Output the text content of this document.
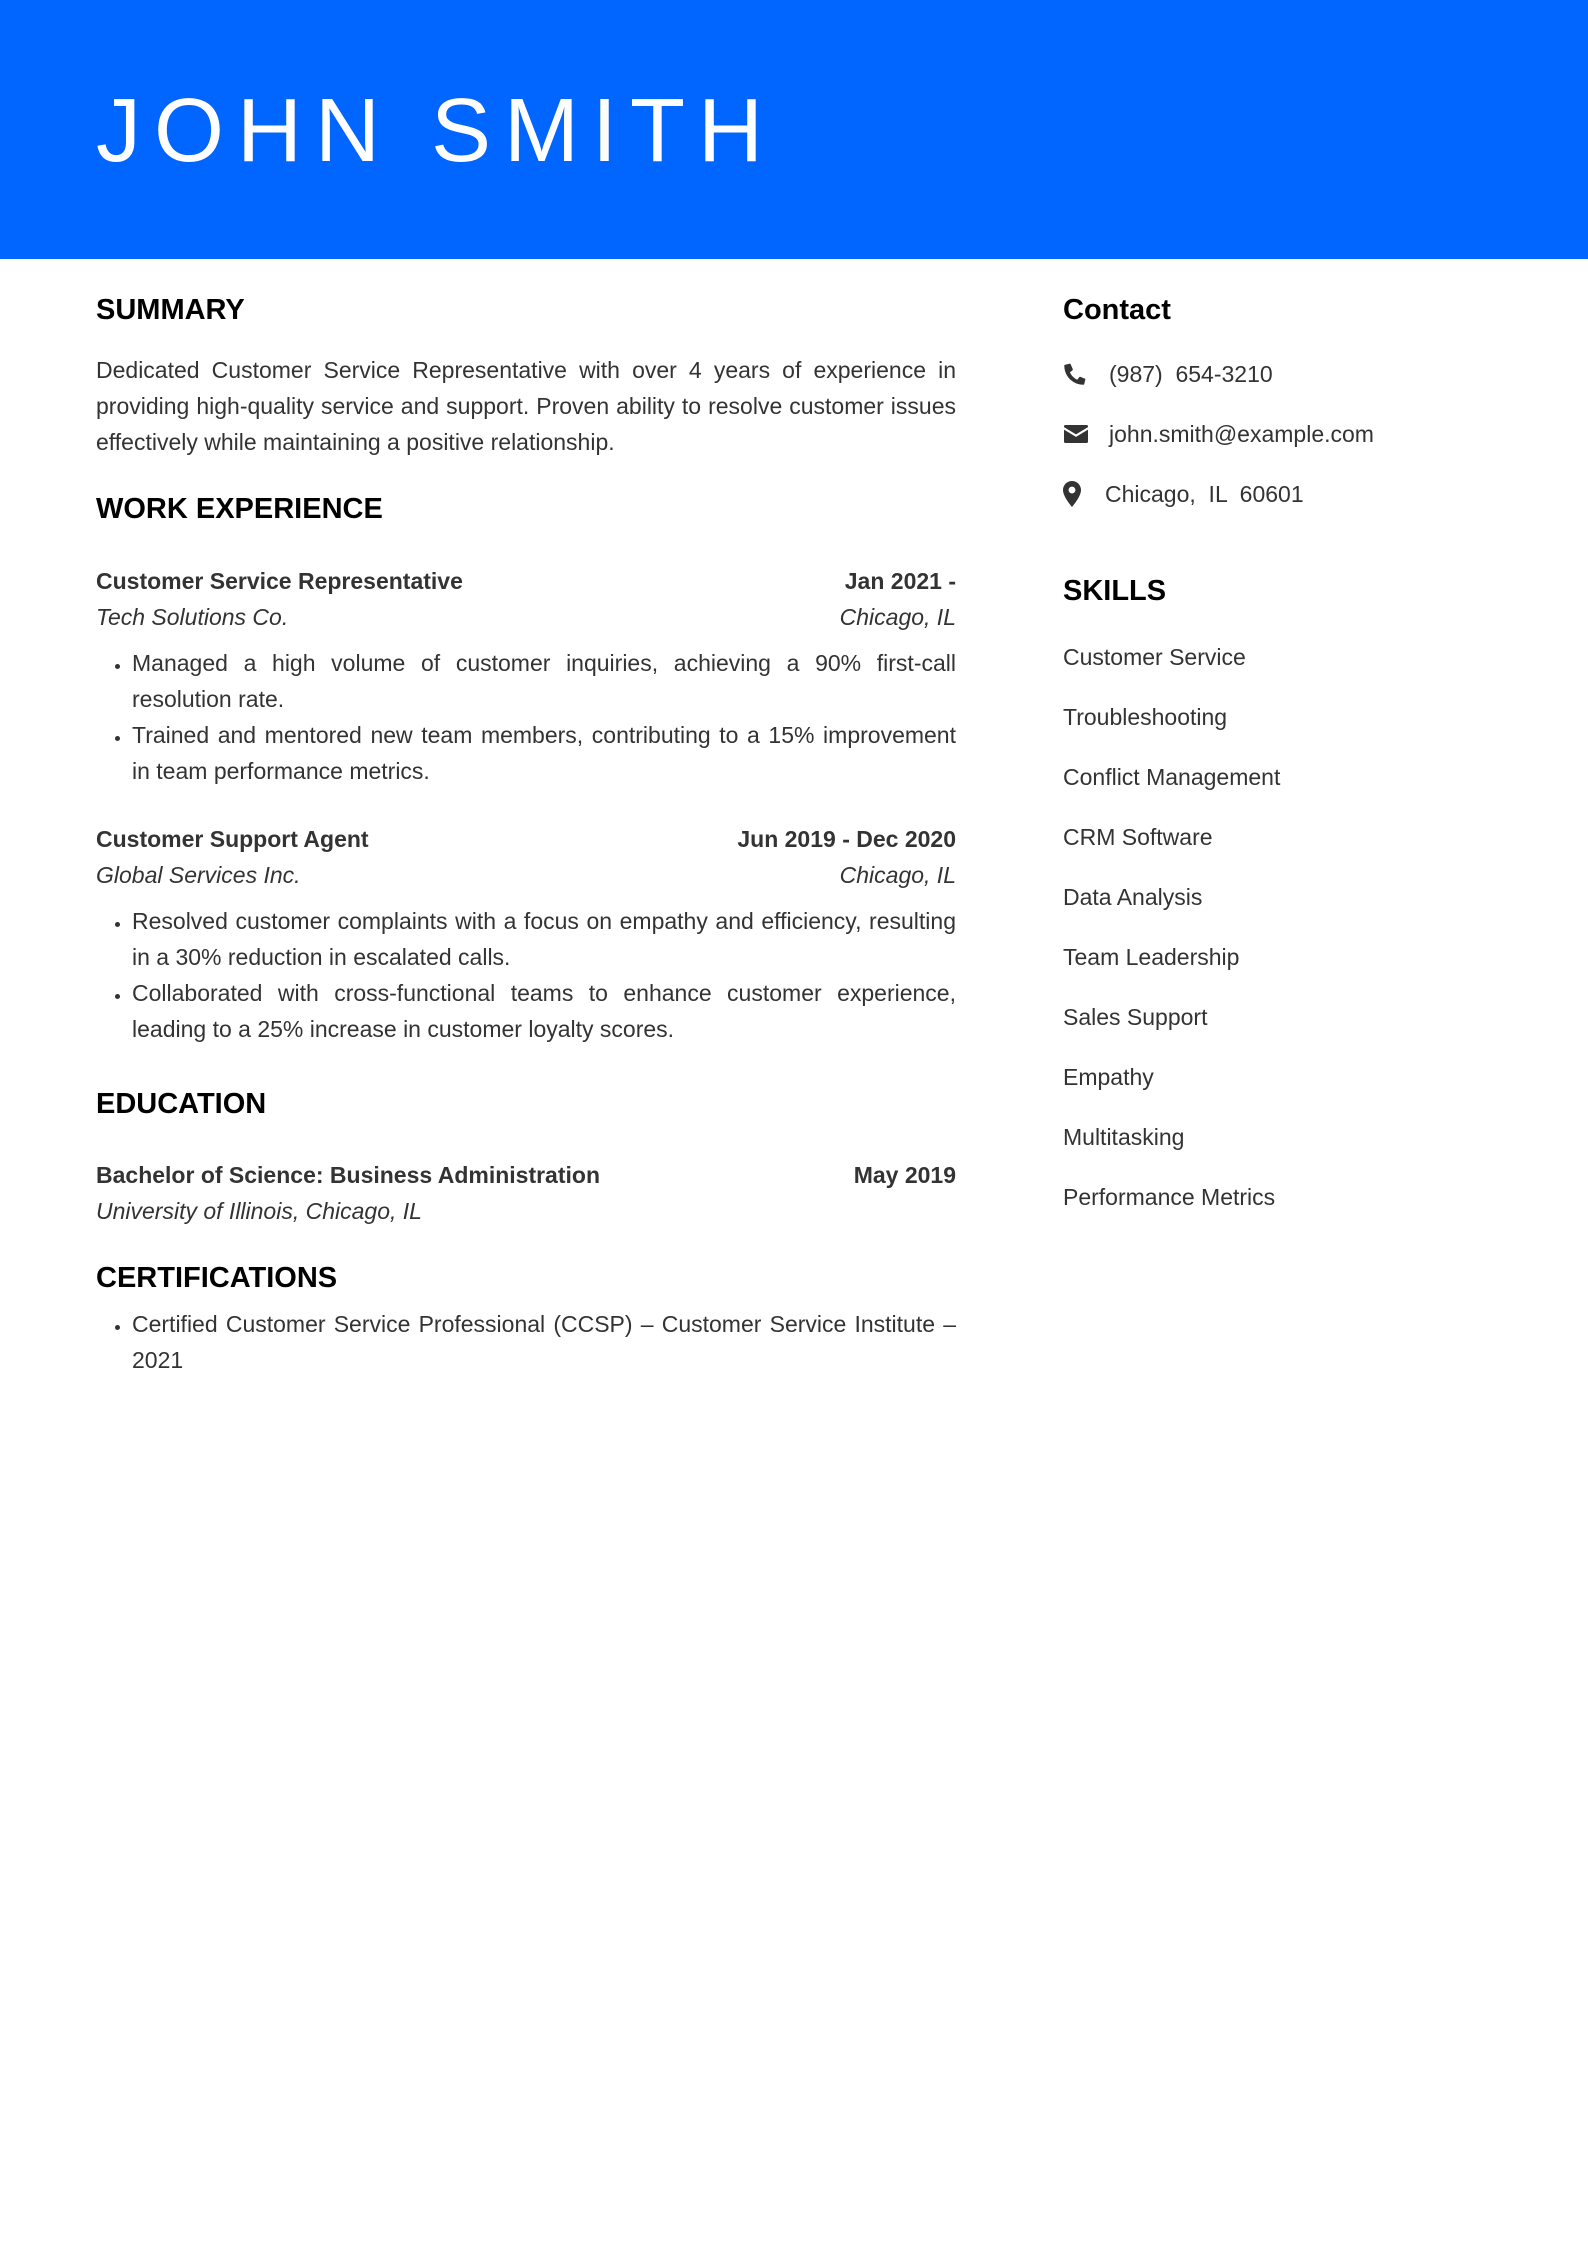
JOHN SMITH
SUMMARY

Dedicated Customer Service Representative with over 4 years of experience in providing high-quality service and support. Proven ability to resolve customer issues effectively while maintaining a positive relationship.

WORK EXPERIENCE
Customer Service Representative	Jan 2021 -
Tech Solutions Co.	Chicago, IL
• Managed a high volume of customer inquiries, achieving a 90% first-call resolution rate.
• Trained and mentored new team members, contributing to a 15% improvement in team performance metrics.
Customer Support Agent	Jun 2019 - Dec 2020
Global Services Inc.	Chicago, IL
• Resolved customer complaints with a focus on empathy and efficiency, resulting in a 30% reduction in escalated calls.
• Collaborated with cross-functional teams to enhance customer experience, leading to a 25% increase in customer loyalty scores.
EDUCATION
Bachelor of Science: Business Administration	May 2019
University of Illinois, Chicago, IL
CERTIFICATIONS
• Certified Customer Service Professional (CCSP) – Customer Service Institute – 2021
Contact
(987)  654-3210
john.smith@example.com
Chicago,  IL  60601
SKILLS
Customer Service
Troubleshooting
Conflict Management
CRM Software
Data Analysis
Team Leadership
Sales Support
Empathy
Multitasking
Performance Metrics
